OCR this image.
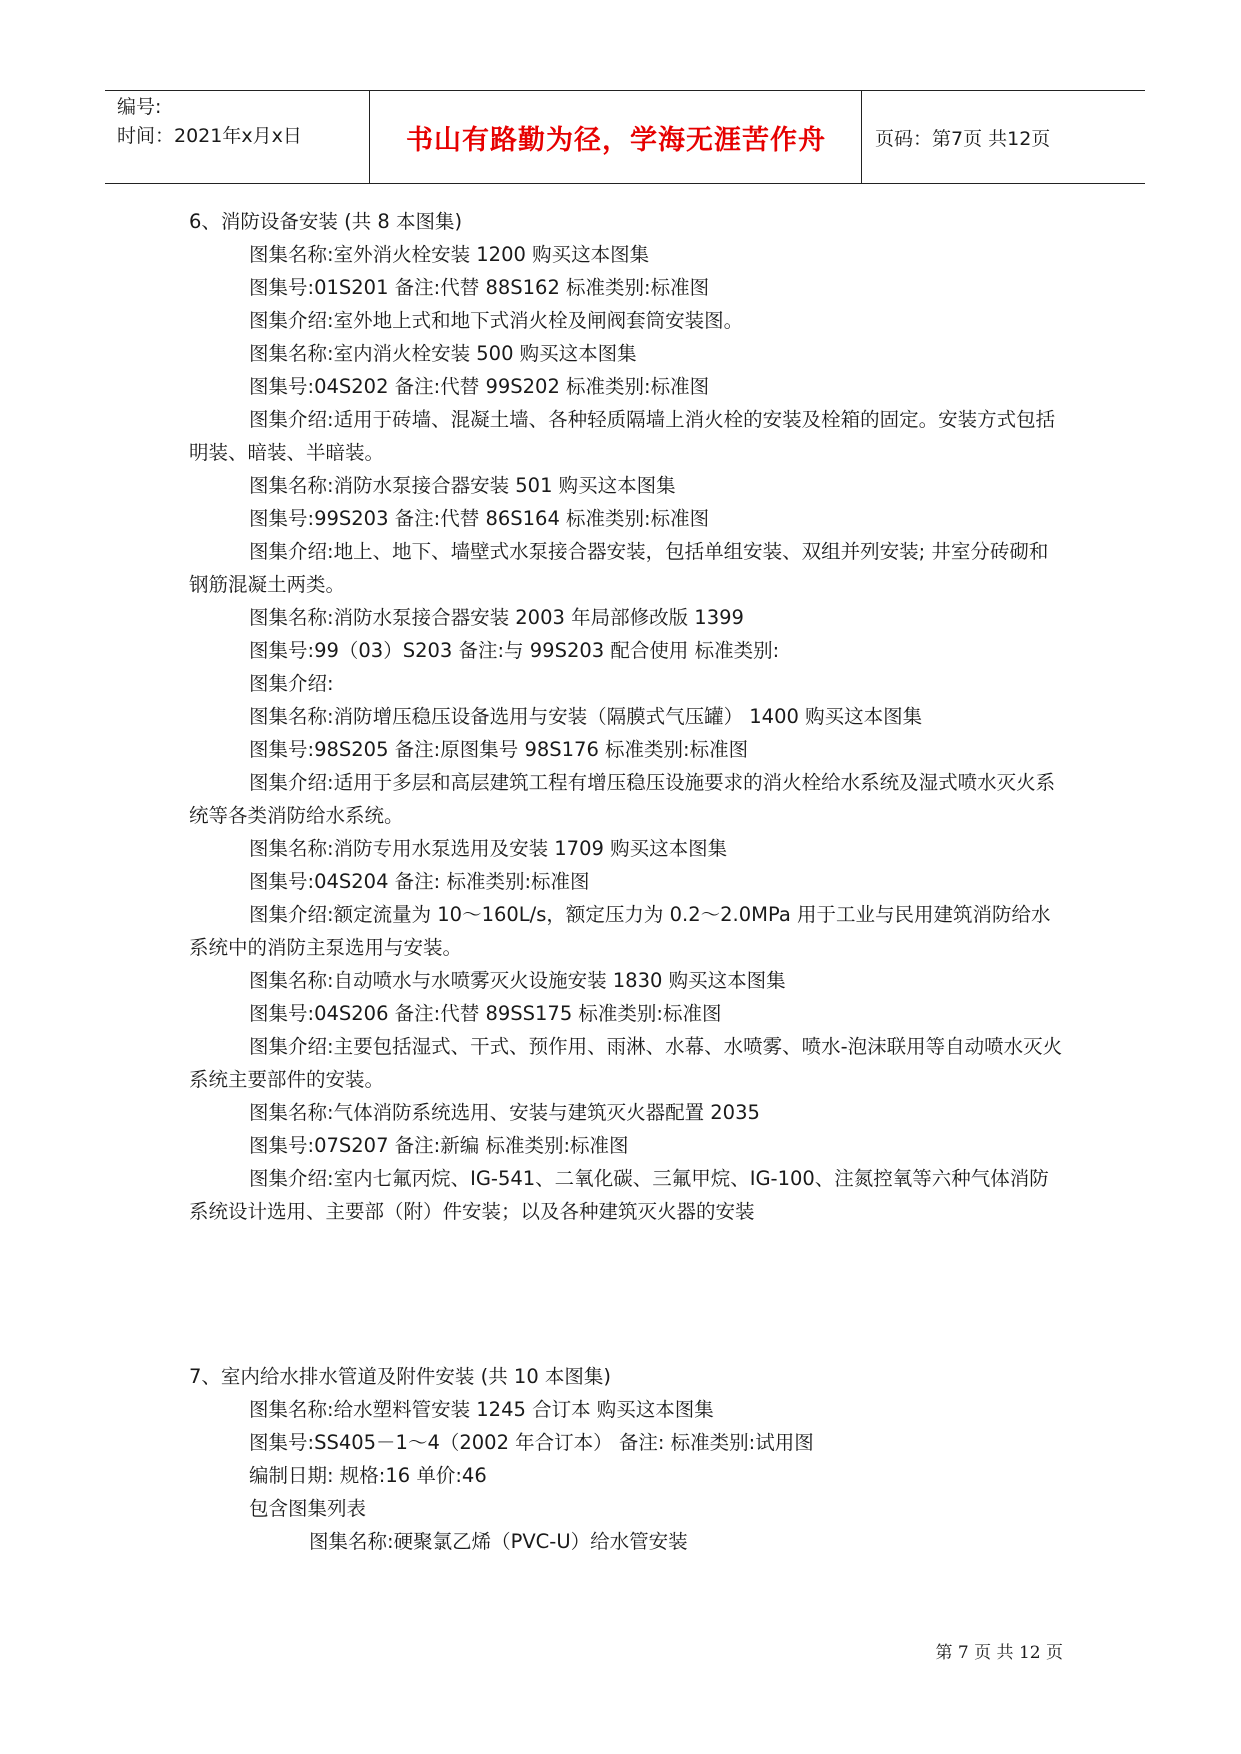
编号:
时间：2021年x月x日	书山有路勤为径，学海无涯苦作舟	页码：第7页 共12页

6、消防设备安装 (共 8 本图集)

图集名称:室外消火栓安装 1200 购买这本图集

图集号:01S201 备注:代替 88S162 标准类别:标准图

图集介绍:室外地上式和地下式消火栓及闸阀套筒安装图。

图集名称:室内消火栓安装 500 购买这本图集

图集号:04S202 备注:代替 99S202 标准类别:标准图

图集介绍:适用于砖墙、混凝土墙、各种轻质隔墙上消火栓的安装及栓箱的固定。安装方式包括明装、暗装、半暗装。

图集名称:消防水泵接合器安装 501 购买这本图集

图集号:99S203 备注:代替 86S164 标准类别:标准图

图集介绍:地上、地下、墙壁式水泵接合器安装，包括单组安装、双组并列安装; 井室分砖砌和钢筋混凝土两类。

图集名称:消防水泵接合器安装 2003 年局部修改版 1399

图集号:99（03）S203 备注:与 99S203 配合使用 标准类别:

图集介绍:

图集名称:消防增压稳压设备选用与安装（隔膜式气压罐） 1400 购买这本图集

图集号:98S205 备注:原图集号 98S176 标准类别:标准图

图集介绍:适用于多层和高层建筑工程有增压稳压设施要求的消火栓给水系统及湿式喷水灭火系统等各类消防给水系统。

图集名称:消防专用水泵选用及安装 1709 购买这本图集

图集号:04S204 备注: 标准类别:标准图

图集介绍:额定流量为 10～160L/s，额定压力为 0.2～2.0MPa 用于工业与民用建筑消防给水系统中的消防主泵选用与安装。

图集名称:自动喷水与水喷雾灭火设施安装 1830 购买这本图集

图集号:04S206 备注:代替 89SS175 标准类别:标准图

图集介绍:主要包括湿式、干式、预作用、雨淋、水幕、水喷雾、喷水-泡沫联用等自动喷水灭火系统主要部件的安装。

图集名称:气体消防系统选用、安装与建筑灭火器配置 2035

图集号:07S207 备注:新编 标准类别:标准图

图集介绍:室内七氟丙烷、IG-541、二氧化碳、三氟甲烷、IG-100、注氮控氧等六种气体消防系统设计选用、主要部（附）件安装；以及各种建筑灭火器的安装

7、室内给水排水管道及附件安装 (共 10 本图集)

图集名称:给水塑料管安装 1245 合订本 购买这本图集

图集号:SS405－1～4（2002 年合订本） 备注: 标准类别:试用图

编制日期: 规格:16 单价:46

包含图集列表

图集名称:硬聚氯乙烯（PVC-U）给水管安装

第 7 页 共 12 页
